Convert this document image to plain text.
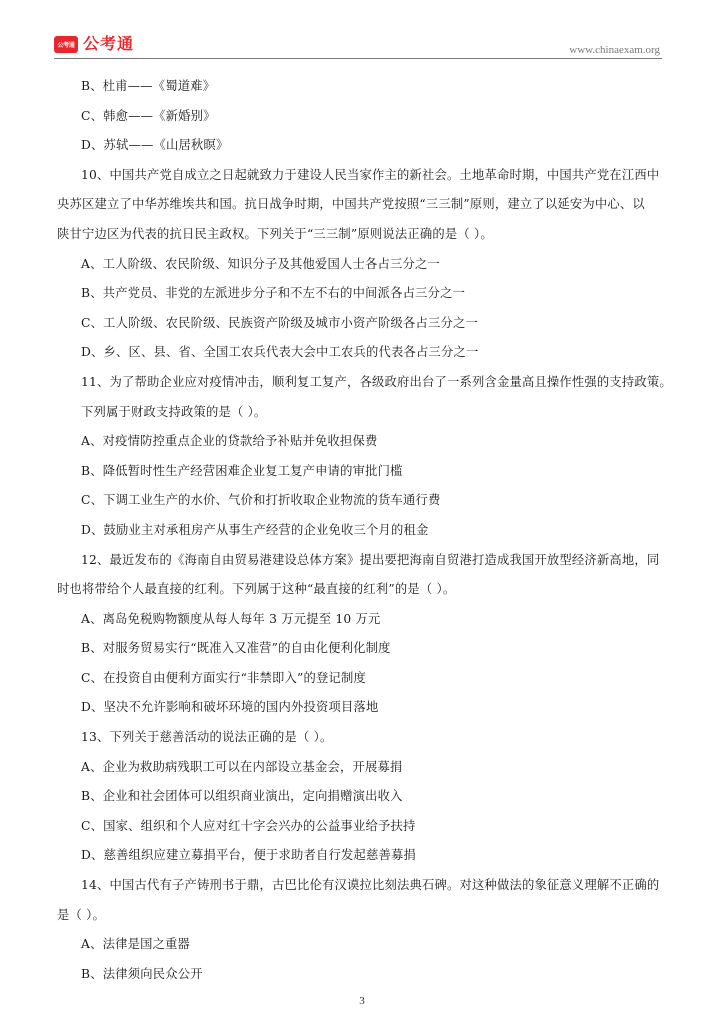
公考通 公考通	www.chinaexam.org
B、杜甫——《蜀道难》
C、韩愈——《新婚别》
D、苏轼——《山居秋暝》
10、中国共产党自成立之日起就致力于建设人民当家作主的新社会。土地革命时期，中国共产党在江西中
央苏区建立了中华苏维埃共和国。抗日战争时期，中国共产党按照“三三制”原则，建立了以延安为中心、以
陕甘宁边区为代表的抗日民主政权。下列关于“三三制”原则说法正确的是（ ）。
A、工人阶级、农民阶级、知识分子及其他爱国人士各占三分之一
B、共产党员、非党的左派进步分子和不左不右的中间派各占三分之一
C、工人阶级、农民阶级、民族资产阶级及城市小资产阶级各占三分之一
D、乡、区、县、省、全国工农兵代表大会中工农兵的代表各占三分之一
11、为了帮助企业应对疫情冲击，顺利复工复产，各级政府出台了一系列含金量高且操作性强的支持政策。
下列属于财政支持政策的是（ ）。
A、对疫情防控重点企业的贷款给予补贴并免收担保费
B、降低暂时性生产经营困难企业复工复产申请的审批门槛
C、下调工业生产的水价、气价和打折收取企业物流的货车通行费
D、鼓励业主对承租房产从事生产经营的企业免收三个月的租金
12、最近发布的《海南自由贸易港建设总体方案》提出要把海南自贸港打造成我国开放型经济新高地，同
时也将带给个人最直接的红利。下列属于这种“最直接的红利”的是（ ）。
A、离岛免税购物额度从每人每年 3 万元提至 10 万元
B、对服务贸易实行“既准入又准营”的自由化便利化制度
C、在投资自由便利方面实行“非禁即入”的登记制度
D、坚决不允许影响和破坏环境的国内外投资项目落地
13、下列关于慈善活动的说法正确的是（ ）。
A、企业为救助病残职工可以在内部设立基金会，开展募捐
B、企业和社会团体可以组织商业演出，定向捐赠演出收入
C、国家、组织和个人应对红十字会兴办的公益事业给予扶持
D、慈善组织应建立募捐平台，便于求助者自行发起慈善募捐
14、中国古代有子产铸刑书于鼎，古巴比伦有汉谟拉比刻法典石碑。对这种做法的象征意义理解不正确的
是（ ）。
A、法律是国之重器
B、法律须向民众公开
3
